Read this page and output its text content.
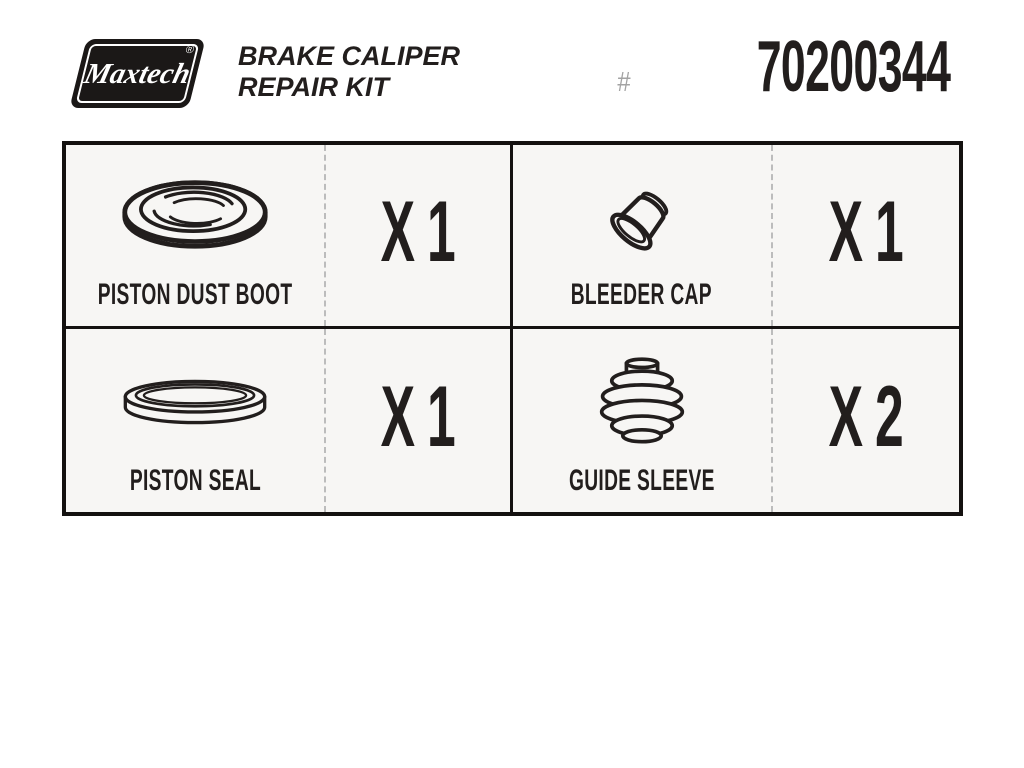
Maxtech
® BRAKE CALIPER
REPAIR KIT	# 70200344
PISTON DUST BOOT
X 1
BLEEDER CAP
X 1
PISTON SEAL
X 1
GUIDE SLEEVE
X 2
